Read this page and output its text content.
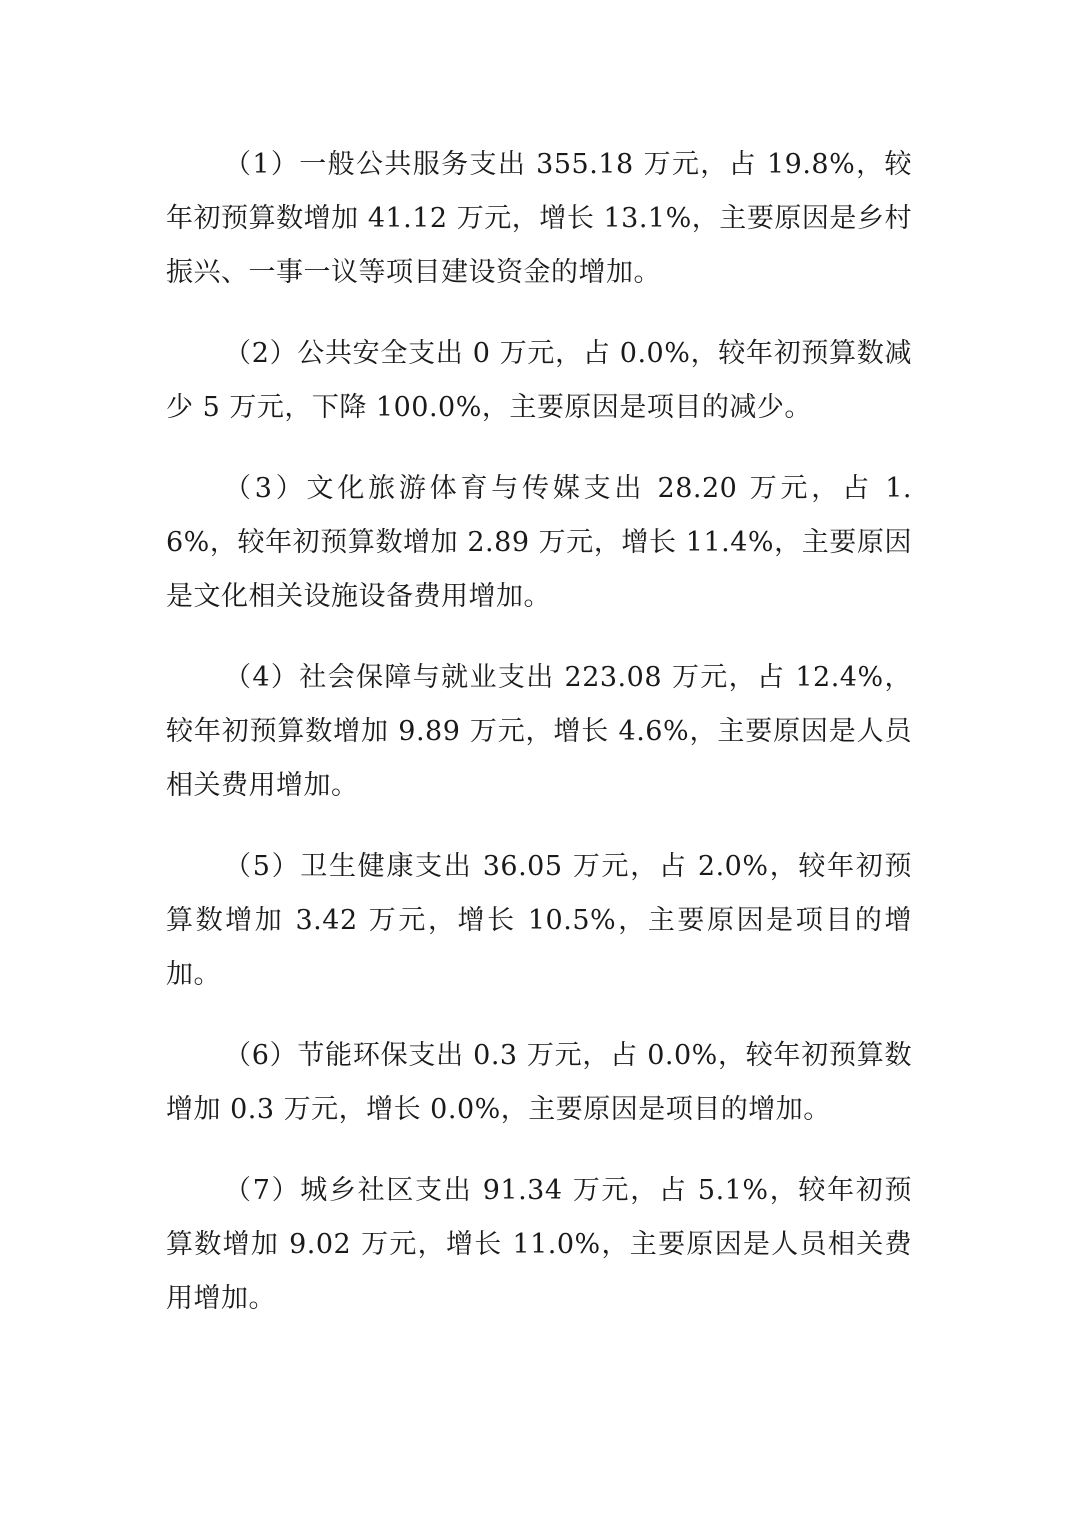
（1）一般公共服务支出 355.18 万元，占 19.8%，较年初预算数增加 41.12 万元，增长 13.1%，主要原因是乡村振兴、一事一议等项目建设资金的增加。

（2）公共安全支出 0 万元，占 0.0%，较年初预算数减少 5 万元，下降 100.0%，主要原因是项目的减少。

（3）文化旅游体育与传媒支出 28.20 万元，占 1.6%，较年初预算数增加 2.89 万元，增长 11.4%，主要原因是文化相关设施设备费用增加。

（4）社会保障与就业支出 223.08 万元，占 12.4%，较年初预算数增加 9.89 万元，增长 4.6%，主要原因是人员相关费用增加。

（5）卫生健康支出 36.05 万元，占 2.0%，较年初预算数增加 3.42 万元，增长 10.5%，主要原因是项目的增加。

（6）节能环保支出 0.3 万元，占 0.0%，较年初预算数增加 0.3 万元，增长 0.0%，主要原因是项目的增加。

（7）城乡社区支出 91.34 万元，占 5.1%，较年初预算数增加 9.02 万元，增长 11.0%，主要原因是人员相关费用增加。
